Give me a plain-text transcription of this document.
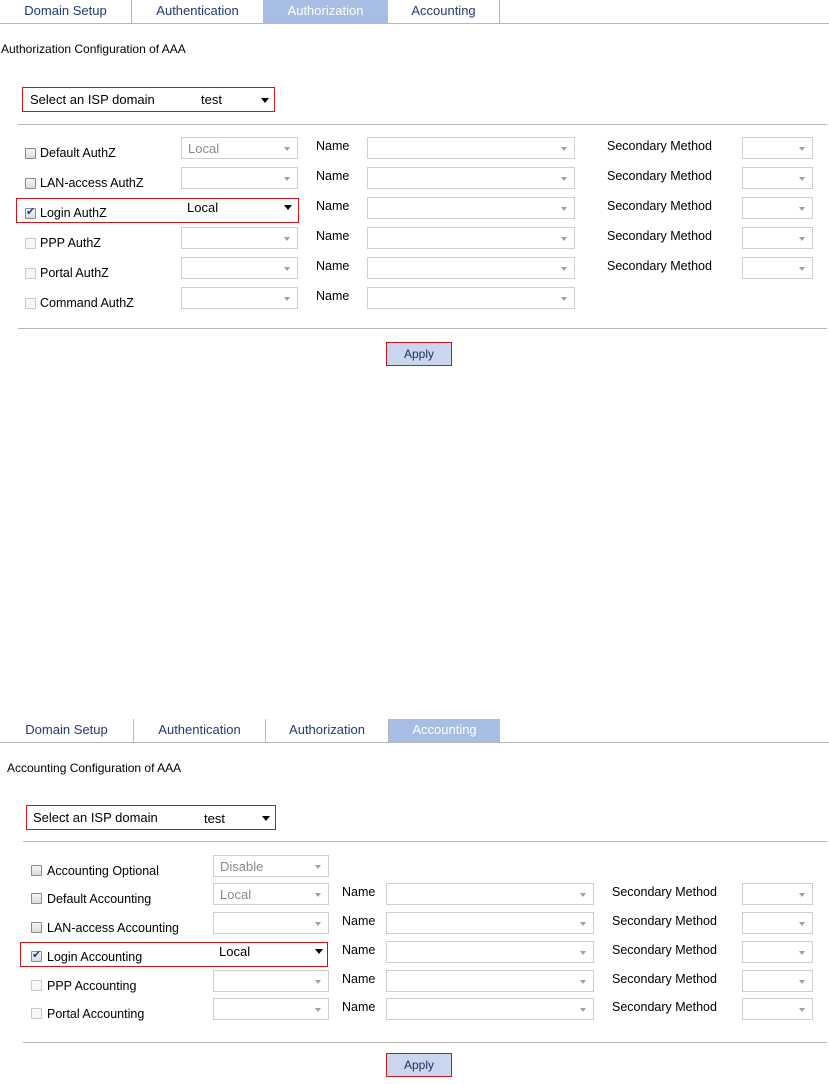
Domain Setup	Authentication	Authorization	Accounting
Authorization Configuration of AAA
Select an ISP domain	test
Apply
Default AuthZ	Local	Name	Secondary Method
LAN-access AuthZ	Name	Secondary Method
✔ Login AuthZ	Local	Name	Secondary Method
PPP AuthZ	Name	Secondary Method
Portal AuthZ	Name	Secondary Method
Command AuthZ	Name
Domain Setup	Authentication	Authorization	Accounting
Accounting Configuration of AAA
Select an ISP domain	test
Apply
Accounting Optional	Disable
Default Accounting	Local	Name	Secondary Method
LAN-access Accounting	Name	Secondary Method
✔ Login Accounting	Local	Name	Secondary Method
PPP Accounting	Name	Secondary Method
Portal Accounting	Name	Secondary Method
